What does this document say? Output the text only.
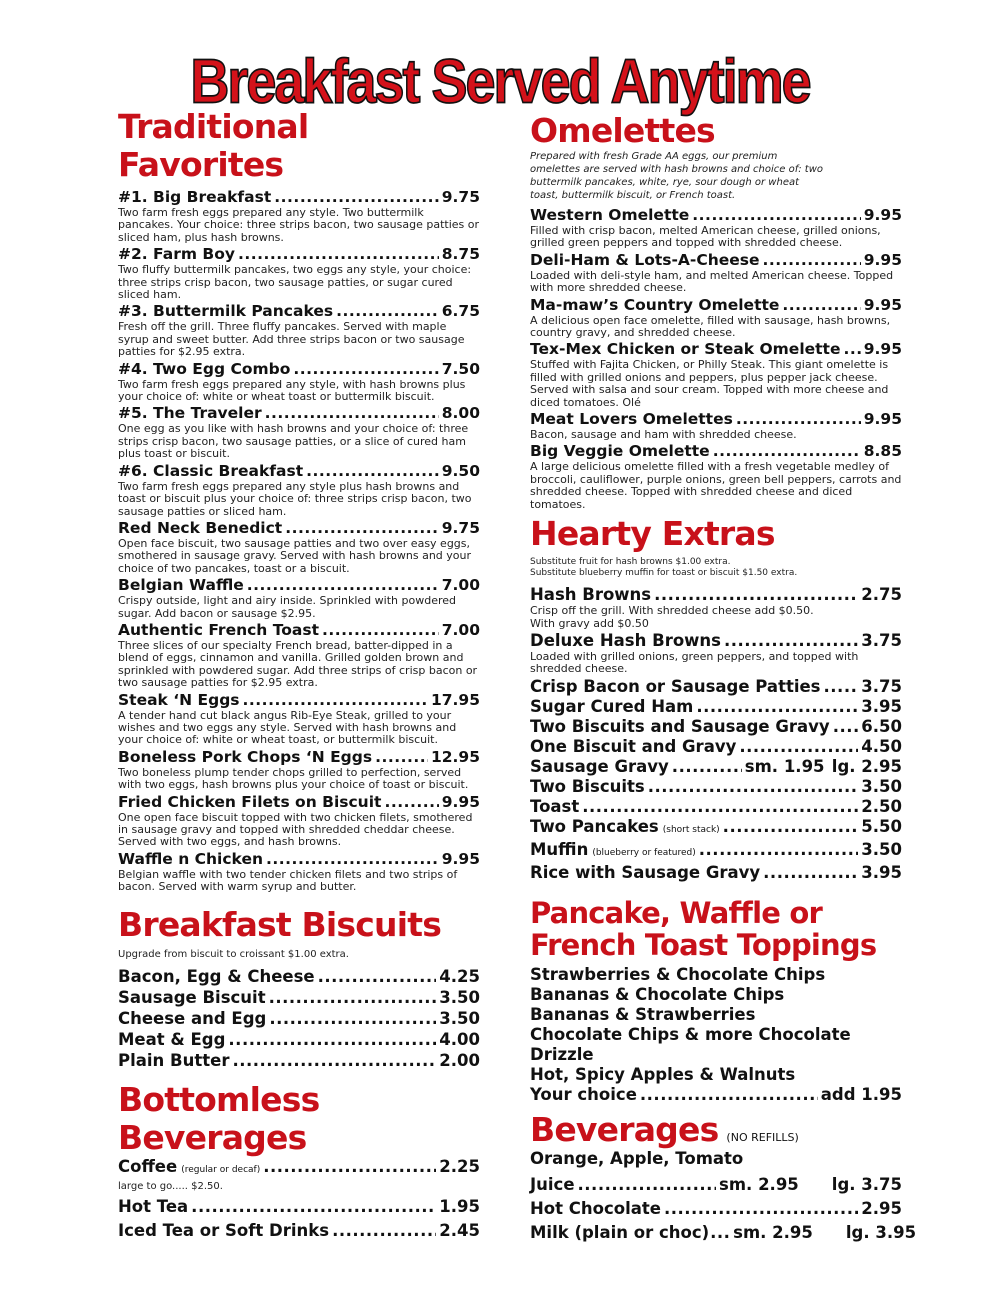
Breakfast Served Anytime
Traditional Favorites
#1. Big Breakfast .....	9.75
Two farm fresh eggs prepared any style. Two buttermilk pancakes. Your choice: three strips bacon, two sausage patties or sliced ham, plus hash browns.
#2. Farm Boy .....	8.75
Two fluffy buttermilk pancakes, two eggs any style, your choice: three strips crisp bacon, two sausage patties, or sugar cured sliced ham.
#3. Buttermilk Pancakes .....	6.75
Fresh off the grill. Three fluffy pancakes. Served with maple syrup and sweet butter. Add three strips bacon or two sausage patties for $2.95 extra.
#4. Two Egg Combo .....	7.50
Two farm fresh eggs prepared any style, with hash browns plus your choice of: white or wheat toast or buttermilk biscuit.
#5. The Traveler .....	8.00
One egg as you like with hash browns and your choice of: three strips crisp bacon, two sausage patties, or a slice of cured ham plus toast or biscuit.
#6. Classic Breakfast .....	9.50
Two farm fresh eggs prepared any style plus hash browns and toast or biscuit plus your choice of: three strips crisp bacon, two sausage patties or sliced ham.
Red Neck Benedict .....	9.75
Open face biscuit, two sausage patties and two over easy eggs, smothered in sausage gravy. Served with hash browns and your choice of two pancakes, toast or a biscuit.
Belgian Waffle .....	7.00
Crispy outside, light and airy inside. Sprinkled with powdered sugar. Add bacon or sausage $2.95.
Authentic French Toast .....	7.00
Three slices of our specialty French bread, batter-dipped in a blend of eggs, cinnamon and vanilla. Grilled golden brown and sprinkled with powdered sugar. Add three strips of crisp bacon or two sausage patties for $2.95 extra.
Steak ‘N Eggs .....	17.95
A tender hand cut black angus Rib-Eye Steak, grilled to your wishes and two eggs any style. Served with hash browns and your choice of: white or wheat toast, or buttermilk biscuit.
Boneless Pork Chops ‘N Eggs .....	12.95
Two boneless plump tender chops grilled to perfection, served with two eggs, hash browns plus your choice of toast or biscuit.
Fried Chicken Filets on Biscuit .....	9.95
One open face biscuit topped with two chicken filets, smothered in sausage gravy and topped with shredded cheddar cheese. Served with two eggs, and hash browns.
Waffle n Chicken .....	9.95
Belgian waffle with two tender chicken filets and two strips of bacon. Served with warm syrup and butter.
Breakfast Biscuits
Upgrade from biscuit to croissant $1.00 extra.
Bacon, Egg & Cheese .....	4.25
Sausage Biscuit .....	3.50
Cheese and Egg .....	3.50
Meat & Egg .....	4.00
Plain Butter .....	2.00
Bottomless Beverages
Coffee (regular or decaf) .....	2.25
large to go..... $2.50.
Hot Tea .....	1.95
Iced Tea or Soft Drinks .....	2.45
Omelettes
Prepared with fresh Grade AA eggs, our premium omelettes are served with hash browns and choice of: two buttermilk pancakes, white, rye, sour dough or wheat toast, buttermilk biscuit, or French toast.
Western Omelette .....	9.95
Filled with crisp bacon, melted American cheese, grilled onions, grilled green peppers and topped with shredded cheese.
Deli-Ham & Lots-A-Cheese .....	9.95
Loaded with deli-style ham, and melted American cheese. Topped with more shredded cheese.
Ma-maw’s Country Omelette .....	9.95
A delicious open face omelette, filled with sausage, hash browns, country gravy, and shredded cheese.
Tex-Mex Chicken or Steak Omelette ..... 9.95
Stuffed with Fajita Chicken, or Philly Steak. This giant omelette is filled with grilled onions and peppers, plus pepper jack cheese. Served with salsa and sour cream. Topped with more cheese and diced tomatoes. Olé
Meat Lovers Omelettes .....	9.95
Bacon, sausage and ham with shredded cheese.
Big Veggie Omelette .....	8.85
A large delicious omelette filled with a fresh vegetable medley of broccoli, cauliflower, purple onions, green bell peppers, carrots and shredded cheese. Topped with shredded cheese and diced tomatoes.
Hearty Extras
Substitute fruit for hash browns $1.00 extra.
Substitute blueberry muffin for toast or biscuit $1.50 extra.
Hash Browns .....	2.75
Crisp off the grill. With shredded cheese add $0.50.
With gravy add $0.50
Deluxe Hash Browns .....	3.75
Loaded with grilled onions, green peppers, and topped with shredded cheese.
Crisp Bacon or Sausage Patties ..... 3.75
Sugar Cured Ham .....	3.95
Two Biscuits and Sausage Gravy ..... 6.50
One Biscuit and Gravy .....	4.50
Sausage Gravy .....	sm. 1.95 lg. 2.95
Two Biscuits .....	3.50
Toast .....	2.50
Two Pancakes (short stack) .....	5.50
Muffin (blueberry or featured) .....	3.50
Rice with Sausage Gravy .....	3.95
Pancake, Waffle or
French Toast Toppings
Strawberries & Chocolate Chips
Bananas & Chocolate Chips
Bananas & Strawberries
Chocolate Chips & more Chocolate Drizzle
Hot, Spicy Apples & Walnuts
Your choice .....	add 1.95
Beverages (NO REFILLS)
Orange, Apple, Tomato
Juice .....	sm. 2.95 lg. 3.75
Hot Chocolate .....	2.95
Milk (plain or choc) ..... sm. 2.95 lg. 3.95
